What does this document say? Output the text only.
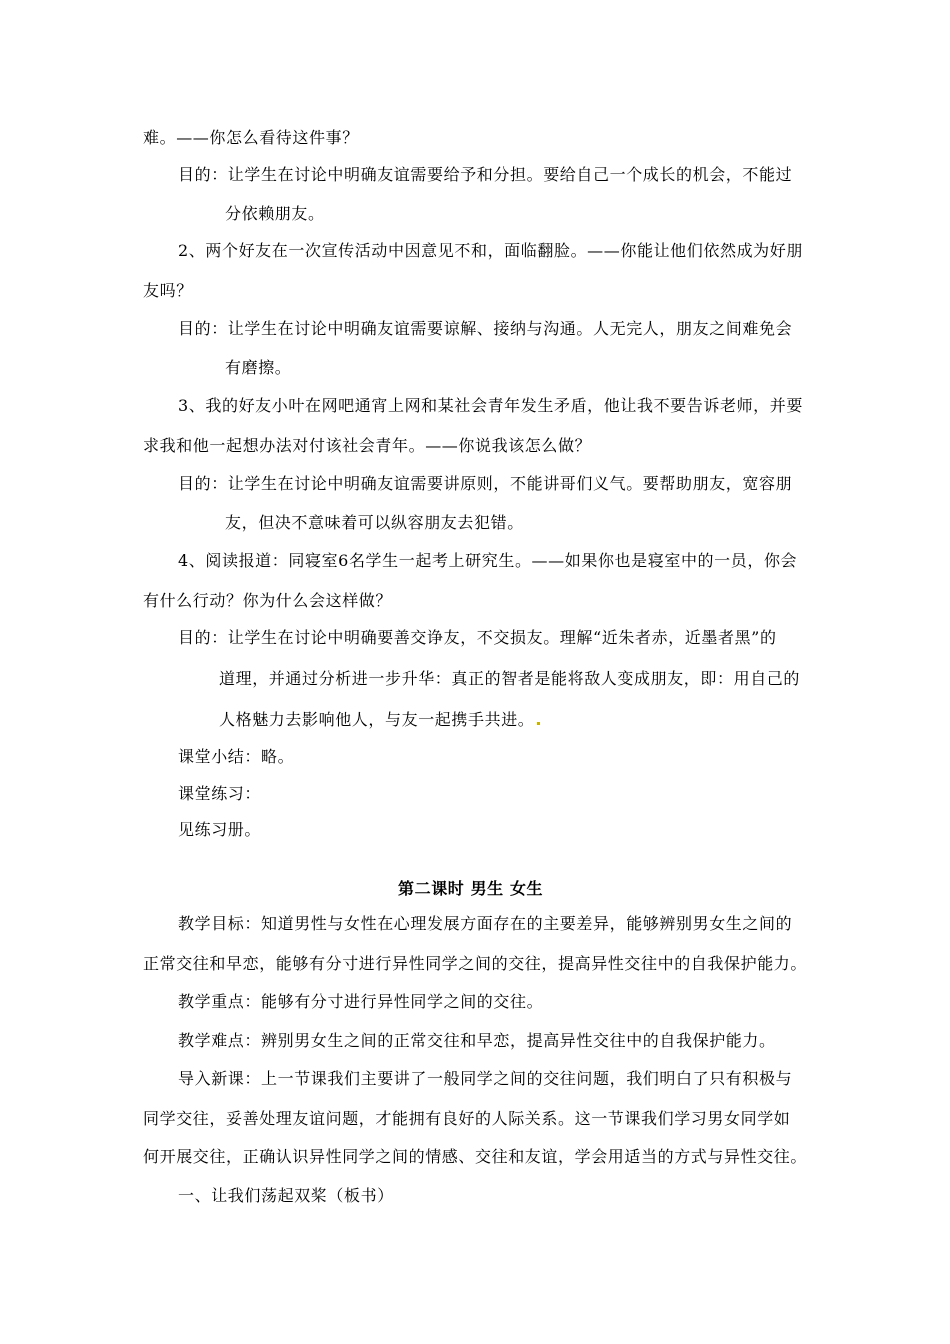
难。——你怎么看待这件事？
目的：让学生在讨论中明确友谊需要给予和分担。要给自己一个成长的机会，不能过
分依赖朋友。
2、两个好友在一次宣传活动中因意见不和，面临翻脸。——你能让他们依然成为好朋
友吗？
目的：让学生在讨论中明确友谊需要谅解、接纳与沟通。人无完人，朋友之间难免会
有磨擦。
3、我的好友小叶在网吧通宵上网和某社会青年发生矛盾，他让我不要告诉老师，并要
求我和他一起想办法对付该社会青年。——你说我该怎么做？
目的：让学生在讨论中明确友谊需要讲原则，不能讲哥们义气。要帮助朋友，宽容朋
友，但决不意味着可以纵容朋友去犯错。
4、阅读报道：同寝室6名学生一起考上研究生。——如果你也是寝室中的一员，你会
有什么行动？你为什么会这样做？
目的：让学生在讨论中明确要善交诤友，不交损友。理解“近朱者赤，近墨者黑”的
道理，并通过分析进一步升华：真正的智者是能将敌人变成朋友，即：用自己的
人格魅力去影响他人，与友一起携手共进。
课堂小结：略。
课堂练习：
见练习册。
第二课时 男生 女生
教学目标：知道男性与女性在心理发展方面存在的主要差异，能够辨别男女生之间的
正常交往和早恋，能够有分寸进行异性同学之间的交往，提高异性交往中的自我保护能力。
教学重点：能够有分寸进行异性同学之间的交往。
教学难点：辨别男女生之间的正常交往和早恋，提高异性交往中的自我保护能力。
导入新课：上一节课我们主要讲了一般同学之间的交往问题，我们明白了只有积极与
同学交往，妥善处理友谊问题，才能拥有良好的人际关系。这一节课我们学习男女同学如
何开展交往，正确认识异性同学之间的情感、交往和友谊，学会用适当的方式与异性交往。
一、让我们荡起双桨（板书）
